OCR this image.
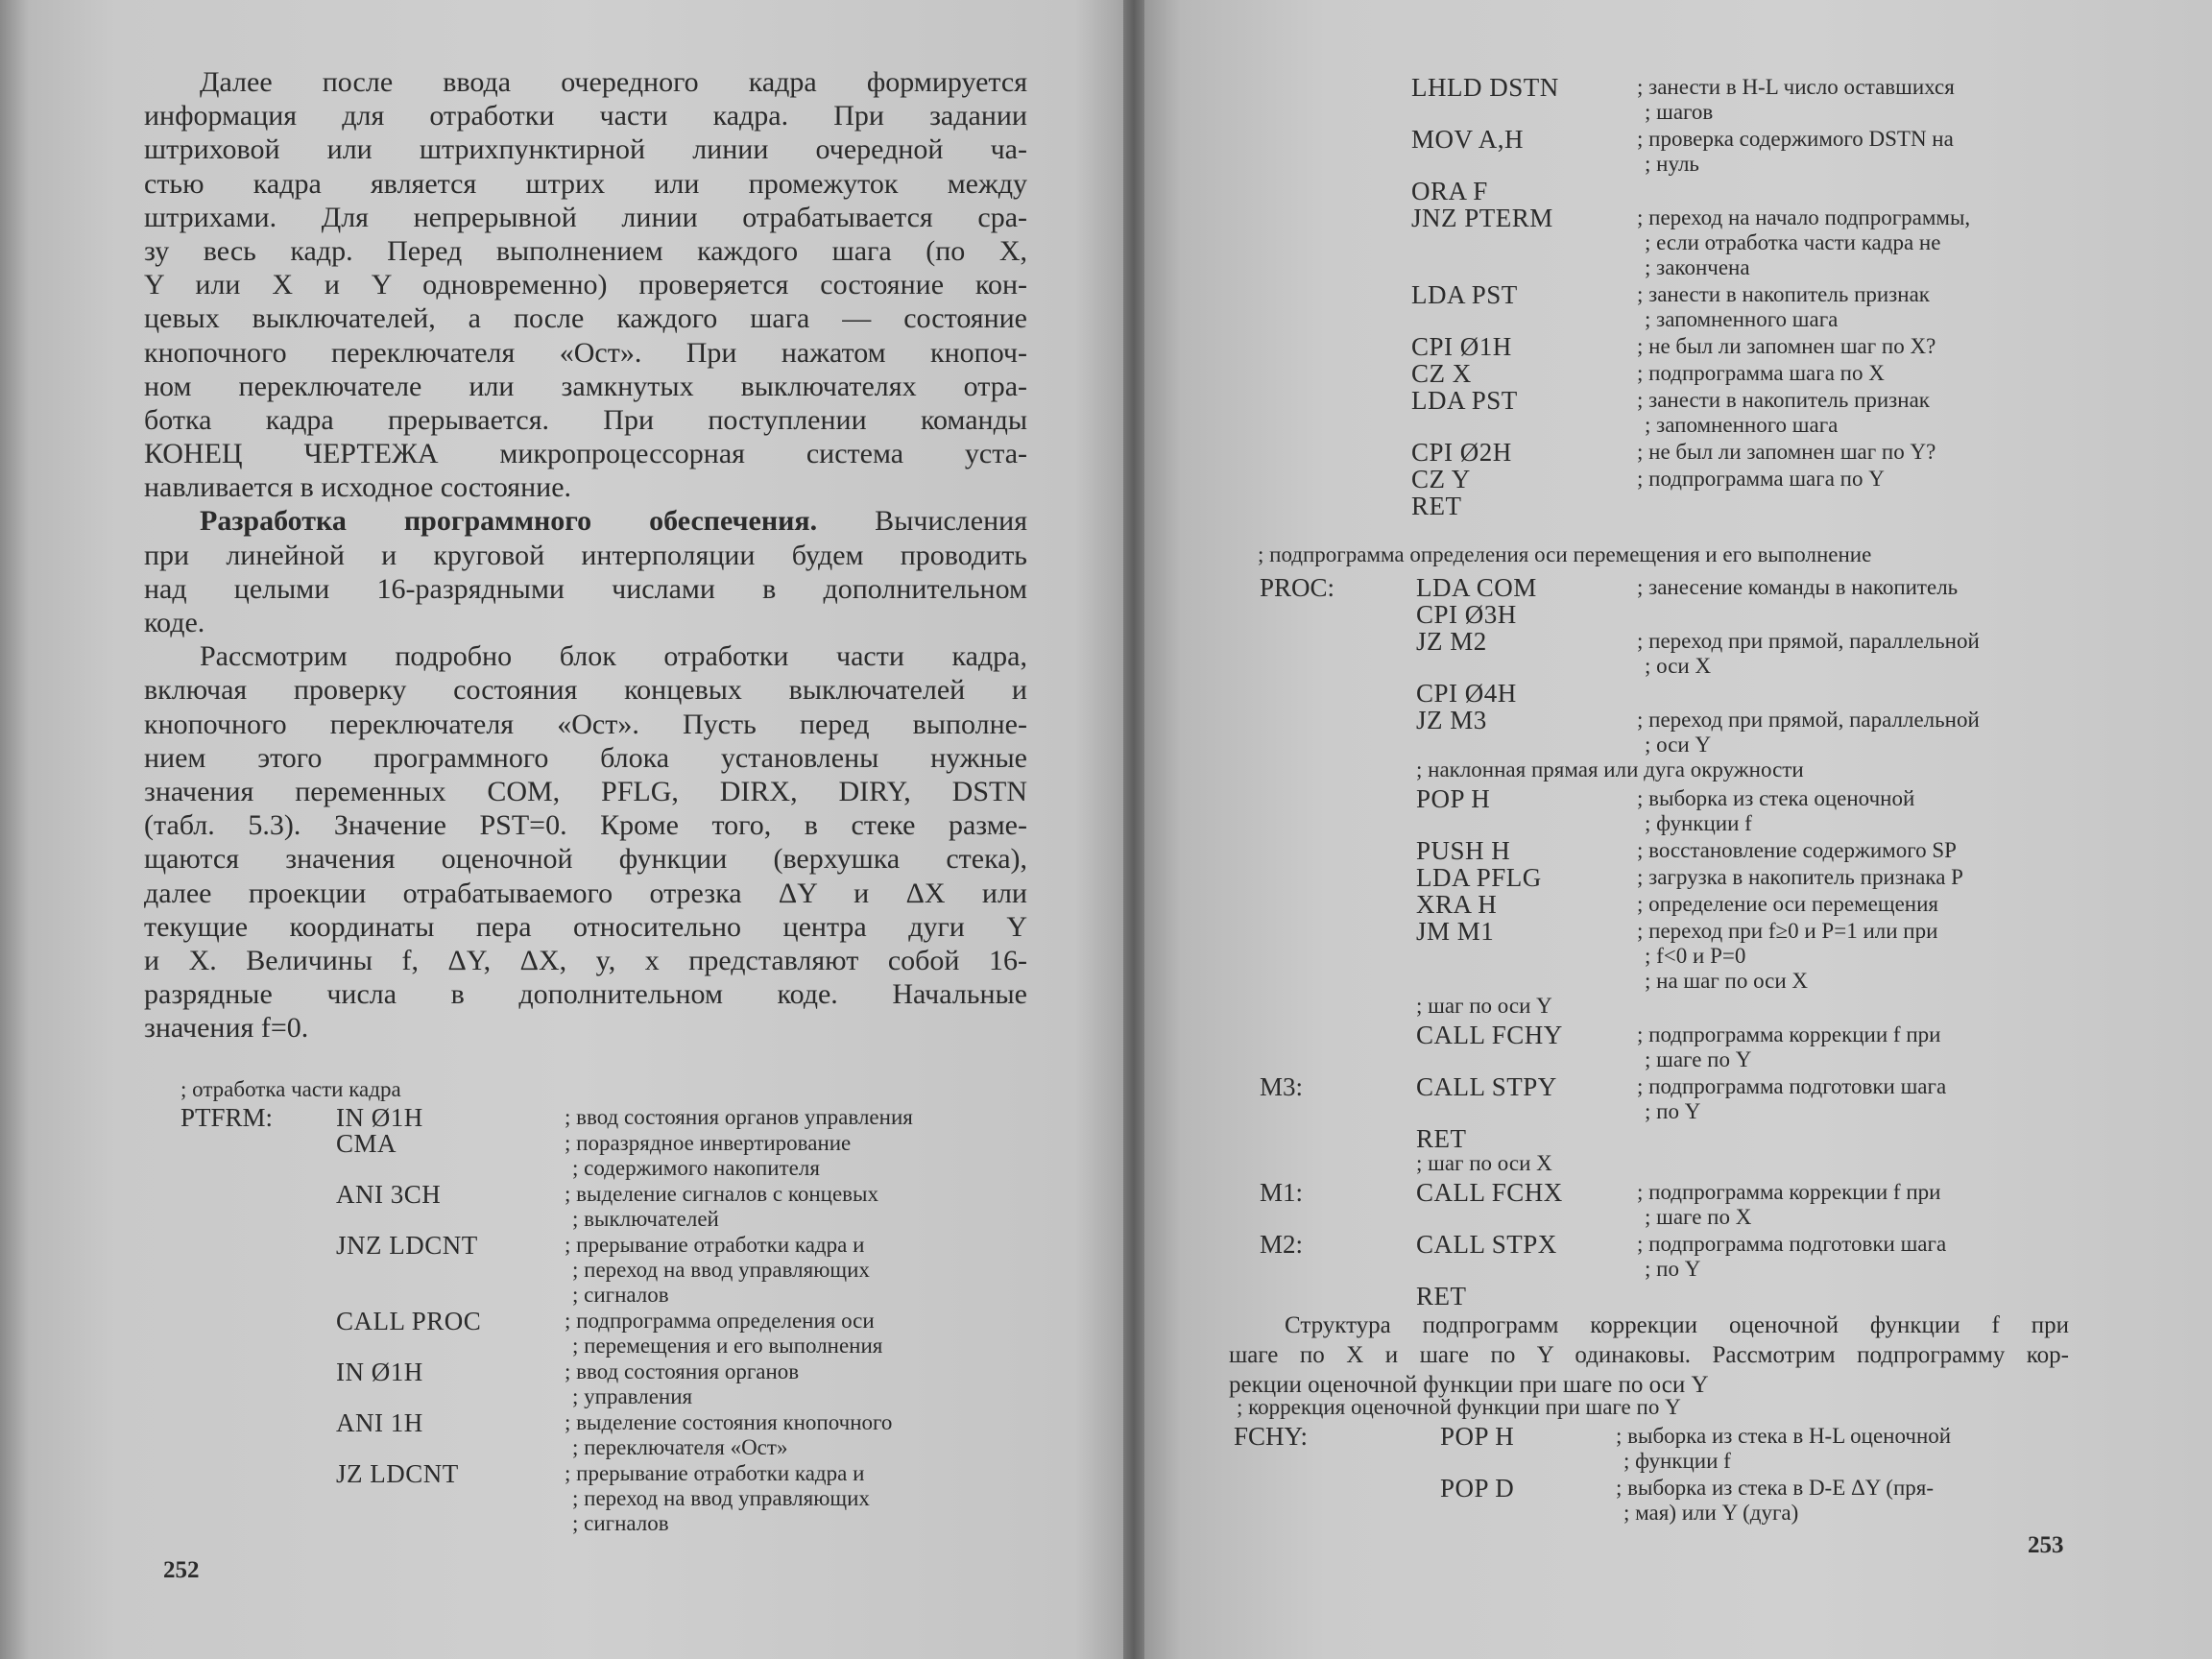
Далее после ввода очередного кадра формируется
информация для отработки части кадра. При задании
штриховой или штрихпунктирной линии очередной ча-
стью кадра является штрих или промежуток между
штрихами. Для непрерывной линии отрабатывается сра-
зу весь кадр. Перед выполнением каждого шага (по X,
Y или X и Y одновременно) проверяется состояние кон-
цевых выключателей, а после каждого шага — состояние
кнопочного переключателя «Ост». При нажатом кнопоч-
ном переключателе или замкнутых выключателях отра-
ботка кадра прерывается. При поступлении команды
КОНЕЦ ЧЕРТЕЖА микропроцессорная система уста-
навливается в исходное состояние.
Разработка программного обеспечения. Вычисления
при линейной и круговой интерполяции будем проводить
над целыми 16-разрядными числами в дополнительном
коде.
Рассмотрим подробно блок отработки части кадра,
включая проверку состояния концевых выключателей и
кнопочного переключателя «Ост». Пусть перед выполне-
нием этого программного блока установлены нужные
значения переменных COM, PFLG, DIRX, DIRY, DSTN
(табл. 5.3). Значение PST=0. Кроме того, в стеке разме-
щаются значения оценочной функции (верхушка стека),
далее проекции отрабатываемого отрезка ΔY и ΔX или
текущие координаты пера относительно центра дуги Y
и X. Величины f, ΔY, ΔX, y, x представляют собой 16-
разрядные числа в дополнительном коде. Начальные
значения f=0.
; отработка части кадра
PTFRM: IN Ø1H	; ввод состояния органов управления
CMA	; поразрядное инвертирование
; содержимого накопителя
ANI 3CH	; выделение сигналов с концевых
; выключателей
JNZ LDCNT	; прерывание отработки кадра и
; переход на ввод управляющих
; сигналов
CALL PROC	; подпрограмма определения оси
; перемещения и его выполнения
IN Ø1H	; ввод состояния органов
; управления
ANI 1H	; выделение состояния кнопочного
; переключателя «Ост»
JZ LDCNT	; прерывание отработки кадра и
; переход на ввод управляющих
; сигналов
252
LHLD DSTN	; занести в H-L число оставшихся
; шагов
MOV A,H	; проверка содержимого DSTN на
; нуль
ORA F
JNZ PTERM	; переход на начало подпрограммы,
; если отработка части кадра не
; закончена
LDA PST	; занести в накопитель признак
; запомненного шага
CPI Ø1H	; не был ли запомнен шаг по X?
CZ X	; подпрограмма шага по X
LDA PST	; занести в накопитель признак
; запомненного шага
CPI Ø2H	; не был ли запомнен шаг по Y?
CZ Y	; подпрограмма шага по Y
RET
; подпрограмма определения оси перемещения и его выполнение
PROC:	LDA COM	; занесение команды в накопитель
CPI Ø3H
JZ M2	; переход при прямой, параллельной
; оси X
CPI Ø4H
JZ M3	; переход при прямой, параллельной
; оси Y
; наклонная прямая или дуга окружности
POP H	; выборка из стека оценочной
; функции f
PUSH H	; восстановление содержимого SP
LDA PFLG	; загрузка в накопитель признака P
XRA H	; определение оси перемещения
JM M1	; переход при f≥0 и P=1 или при
; f<0 и P=0
; на шаг по оси X
; шаг по оси Y
CALL FCHY	; подпрограмма коррекции f при
; шаге по Y
M3:	CALL STPY	; подпрограмма подготовки шага
; по Y
RET
; шаг по оси X
M1:	CALL FCHX	; подпрограмма коррекции f при
; шаге по X
M2:	CALL STPX	; подпрограмма подготовки шага
; по Y
RET
Структура подпрограмм коррекции оценочной функции f при
шаге по X и шаге по Y одинаковы. Рассмотрим подпрограмму кор-
рекции оценочной функции при шаге по оси Y
; коррекция оценочной функции при шаге по Y
FCHY:	POP H	; выборка из стека в H-L оценочной
; функции f
POP D	; выборка из стека в D-E ΔY (пря-
; мая) или Y (дуга)
253
